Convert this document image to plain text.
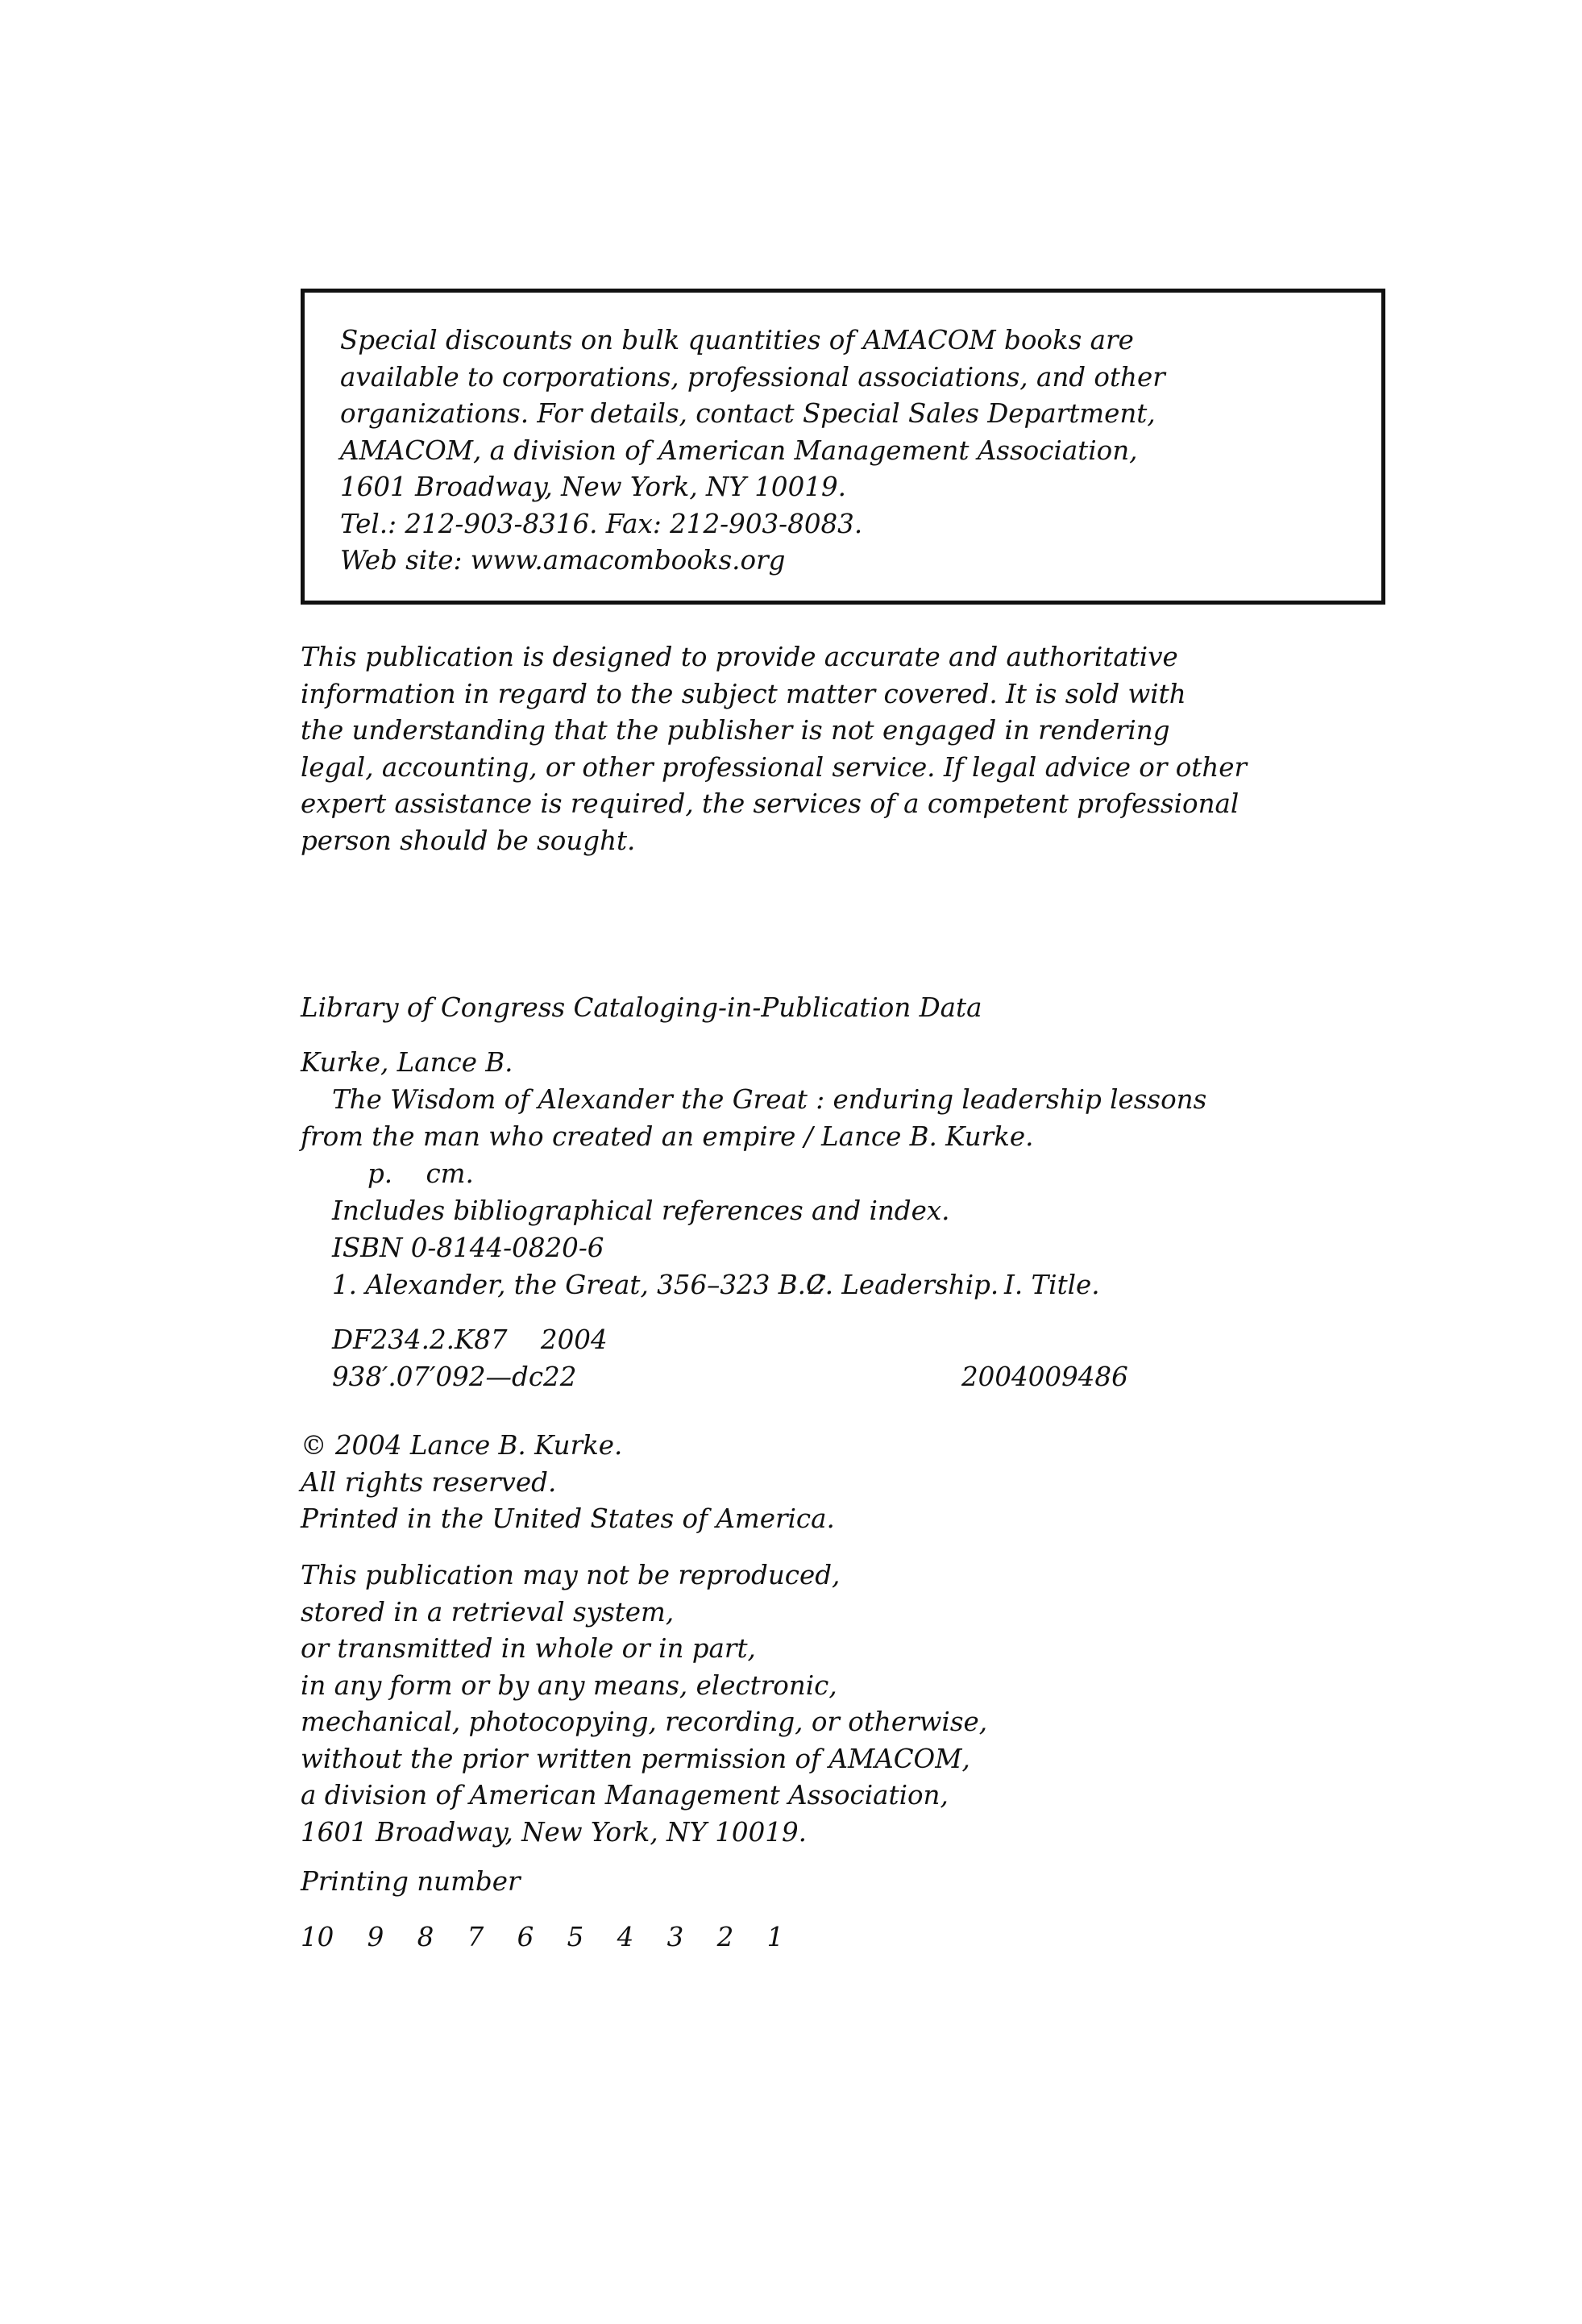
Special discounts on bulk quantities of AMACOM books are
available to corporations, professional associations, and other
organizations. For details, contact Special Sales Department,
AMACOM, a division of American Management Association,
1601 Broadway, New York, NY 10019.
Tel.: 212-903-8316. Fax: 212-903-8083.
Web site: www.amacombooks.org
This publication is designed to provide accurate and authoritative
information in regard to the subject matter covered. It is sold with
the understanding that the publisher is not engaged in rendering
legal, accounting, or other professional service. If legal advice or other
expert assistance is required, the services of a competent professional
person should be sought.
Library of Congress Cataloging-in-Publication Data
Kurke, Lance B.
The Wisdom of Alexander the Great : enduring leadership lessons
from the man who created an empire / Lance B. Kurke.
p.    cm.
Includes bibliographical references and index.
ISBN 0-8144-0820-6
1. Alexander, the Great, 356–323 B.C.
2. Leadership. I. Title.
DF234.2.K87    2004
938′.07′092—dc22	2004009486
© 2004 Lance B. Kurke.
All rights reserved.
Printed in the United States of America.
This publication may not be reproduced,
stored in a retrieval system,
or transmitted in whole or in part,
in any form or by any means, electronic,
mechanical, photocopying, recording, or otherwise,
without the prior written permission of AMACOM,
a division of American Management Association,
1601 Broadway, New York, NY 10019.
Printing number
10    9    8    7    6    5    4    3    2    1
